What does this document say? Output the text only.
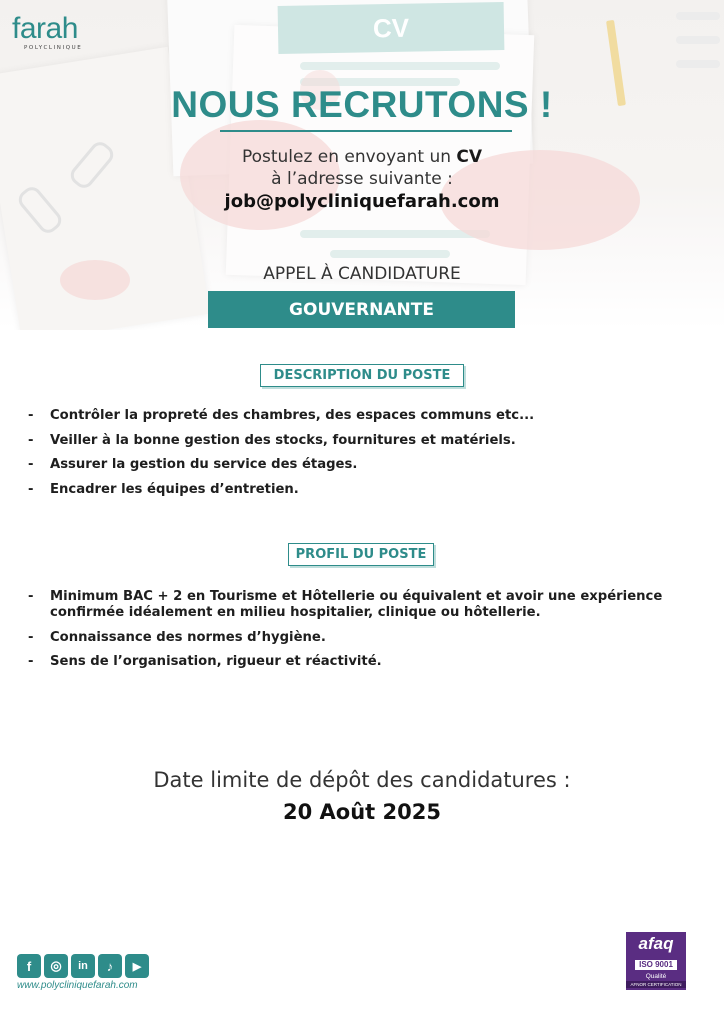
CV
farah
POLYCLINIQUE
NOUS RECRUTONS !
Postulez en envoyant un CV
à l’adresse suivante :
job@polycliniquefarah.com
APPEL À CANDIDATURE
GOUVERNANTE
DESCRIPTION DU POSTE
- Contrôler la propreté des chambres, des espaces communs etc...
- Veiller à la bonne gestion des stocks, fournitures et matériels.
- Assurer la gestion du service des étages.
- Encadrer les équipes d’entretien.
PROFIL DU POSTE
- Minimum BAC + 2 en Tourisme et Hôtellerie ou équivalent et avoir une expérience confirmée idéalement en milieu hospitalier, clinique ou hôtellerie.
- Connaissance des normes d’hygiène.
- Sens de l’organisation, rigueur et réactivité.
Date limite de dépôt des candidatures :
20 Août 2025
f	◎	in	♪	▶
www.polycliniquefarah.com
afaq
ISO 9001
Qualité
AFNOR CERTIFICATION
